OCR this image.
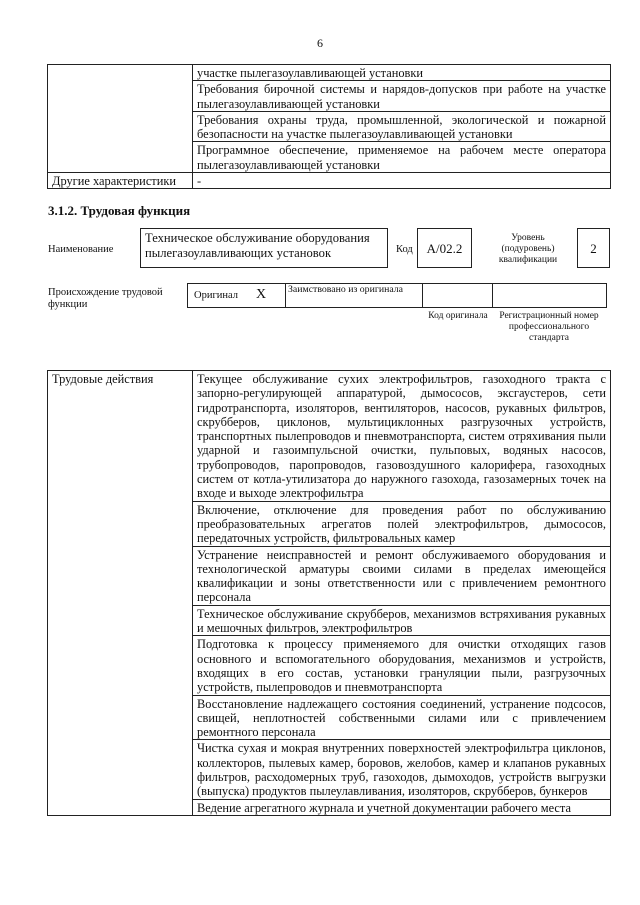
6
	участке пылегазоулавливающей установки
	Требования бирочной системы и нарядов-допусков при работе на участке пылегазоулавливающей установки
	Требования охраны труда, промышленной, экологической и пожарной безопасности на участке пылегазоулавливающей установки
	Программное обеспечение, применяемое на рабочем месте оператора пылегазоулавливающей установки
Другие характеристики	-
3.1.2. Трудовая функция
Наименование
Техническое обслуживание оборудования пылегазоулавливающих установок	Код	А/02.2
Уровень (подуровень) квалификации
2
Происхождение трудовой функции
Оригинал X	Заимствовано из оригинала
Код оригинала	Регистрационный номер профессионального стандарта
Трудовые действия	Текущее обслуживание сухих электрофильтров, газоходного тракта с запорно-регулирующей аппаратурой, дымососов, эксгаустеров, сети гидротранспорта, изоляторов, вентиляторов, насосов, рукавных фильтров, скрубберов, циклонов, мультициклонных разгрузочных устройств, транспортных пылепроводов и пневмотранспорта, систем отряхивания пыли ударной и газоимпульсной очистки, пульповых, водяных насосов, трубопроводов, паропроводов, газовоздушного калорифера, газоходных систем от котла-утилизатора до наружного газохода, газозамерных точек на входе и выходе электрофильтра
Включение, отключение для проведения работ по обслуживанию преобразовательных агрегатов полей электрофильтров, дымососов, передаточных устройств, фильтровальных камер
Устранение неисправностей и ремонт обслуживаемого оборудования и технологической арматуры своими силами в пределах имеющейся квалификации и зоны ответственности или с привлечением ремонтного персонала
Техническое обслуживание скрубберов, механизмов встряхивания рукавных и мешочных фильтров, электрофильтров
Подготовка к процессу применяемого для очистки отходящих газов основного и вспомогательного оборудования, механизмов и устройств, входящих в его состав, установки грануляции пыли, разгрузочных устройств, пылепроводов и пневмотранспорта
Восстановление надлежащего состояния соединений, устранение подсосов, свищей, неплотностей собственными силами или с привлечением ремонтного персонала
Чистка сухая и мокрая внутренних поверхностей электрофильтра циклонов, коллекторов, пылевых камер, боровов, желобов, камер и клапанов рукавных фильтров, расходомерных труб, газоходов, дымоходов, устройств выгрузки (выпуска) продуктов пылеулавливания, изоляторов, скрубберов, бункеров
Ведение агрегатного журнала и учетной документации рабочего места
